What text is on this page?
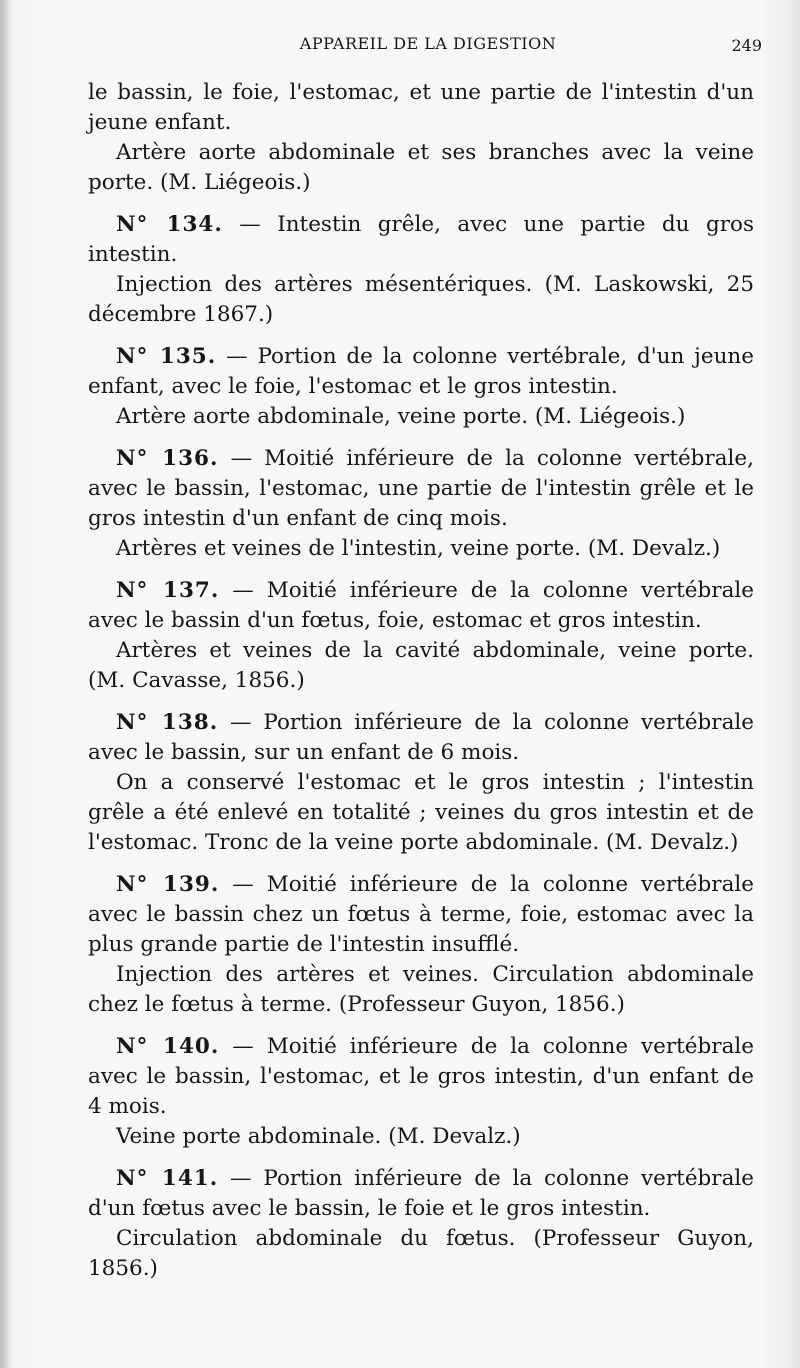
APPAREIL DE LA DIGESTION	249

le bassin, le foie, l'estomac, et une partie de l'intestin d'un jeune enfant.

Artère aorte abdominale et ses branches avec la veine porte. (M. Liégeois.)

N° 134. — Intestin grêle, avec une partie du gros intestin.

Injection des artères mésentériques. (M. Laskowski, 25 décembre 1867.)

N° 135. — Portion de la colonne vertébrale, d'un jeune enfant, avec le foie, l'estomac et le gros intestin.

Artère aorte abdominale, veine porte. (M. Liégeois.)

N° 136. — Moitié inférieure de la colonne vertébrale, avec le bassin, l'estomac, une partie de l'intestin grêle et le gros intestin d'un enfant de cinq mois.

Artères et veines de l'intestin, veine porte. (M. Devalz.)

N° 137. — Moitié inférieure de la colonne vertébrale avec le bassin d'un fœtus, foie, estomac et gros intestin.

Artères et veines de la cavité abdominale, veine porte. (M. Cavasse, 1856.)

N° 138. — Portion inférieure de la colonne vertébrale avec le bassin, sur un enfant de 6 mois.

On a conservé l'estomac et le gros intestin ; l'intestin grêle a été enlevé en totalité ; veines du gros intestin et de l'estomac. Tronc de la veine porte abdominale. (M. Devalz.)

N° 139. — Moitié inférieure de la colonne vertébrale avec le bassin chez un fœtus à terme, foie, estomac avec la plus grande partie de l'intestin insufflé.

Injection des artères et veines. Circulation abdominale chez le fœtus à terme. (Professeur Guyon, 1856.)

N° 140. — Moitié inférieure de la colonne vertébrale avec le bassin, l'estomac, et le gros intestin, d'un enfant de 4 mois.

Veine porte abdominale. (M. Devalz.)

N° 141. — Portion inférieure de la colonne vertébrale d'un fœtus avec le bassin, le foie et le gros intestin.

Circulation abdominale du fœtus. (Professeur Guyon, 1856.)
